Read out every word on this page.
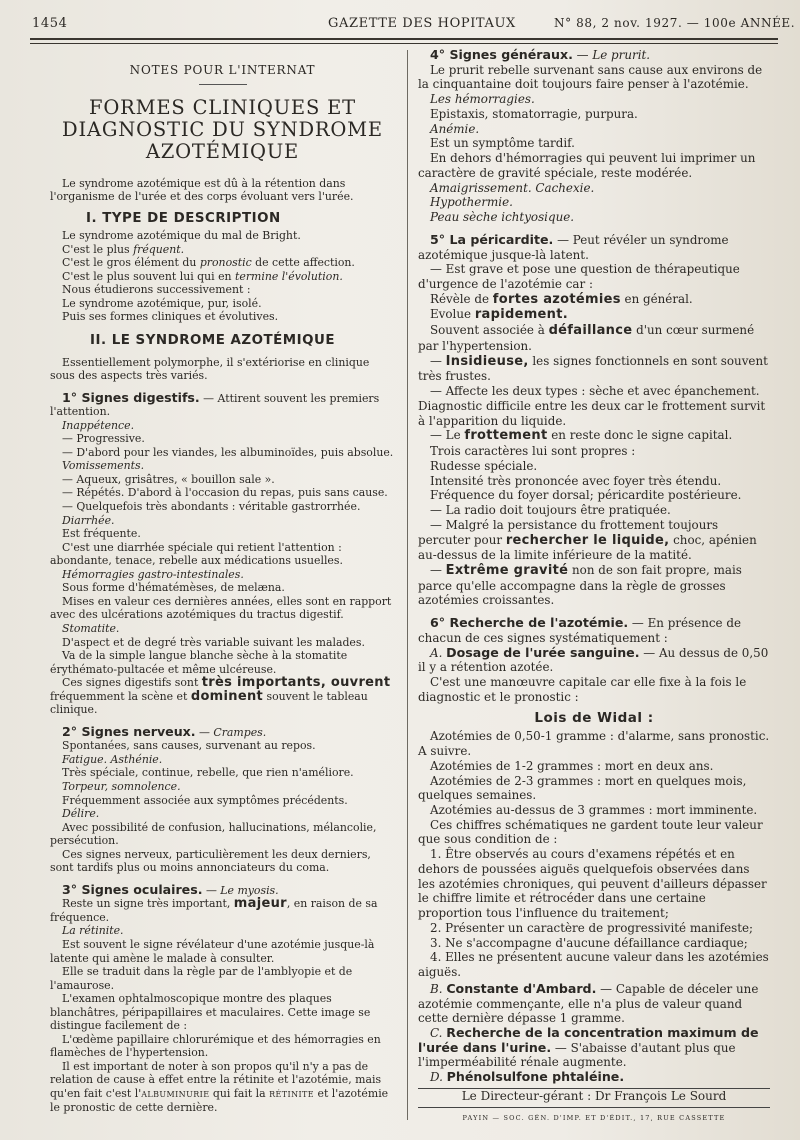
1454	GAZETTE DES HOPITAUX	N° 88, 2 nov. 1927. — 100e ANNÉE.
NOTES POUR L'INTERNAT
FORMES CLINIQUES ET DIAGNOSTIC DU SYNDROME AZOTÉMIQUE

Le syndrome azotémique est dû à la rétention dans l'organisme de l'urée et des corps évoluant vers l'urée.

I. TYPE DE DESCRIPTION

Le syndrome azotémique du mal de Bright.

C'est le plus fréquent.

C'est le gros élément du pronostic de cette affection.

C'est le plus souvent lui qui en termine l'évolution.

Nous étudierons successivement :

Le syndrome azotémique, pur, isolé.

Puis ses formes cliniques et évolutives.

II. LE SYNDROME AZOTÉMIQUE

Essentiellement polymorphe, il s'extériorise en clinique sous des aspects très variés.

1° Signes digestifs. — Attirent souvent les premiers l'attention.

Inappétence.

— Progressive.

— D'abord pour les viandes, les albuminoïdes, puis absolue.

Vomissements.

— Aqueux, grisâtres, « bouillon sale ».

— Répétés. D'abord à l'occasion du repas, puis sans cause.

— Quelquefois très abondants : véritable gastrorrhée.

Diarrhée.

Est fréquente.

C'est une diarrhée spéciale qui retient l'attention : abondante, tenace, rebelle aux médications usuelles.

Hémorragies gastro-intestinales.

Sous forme d'hématémèses, de melæna.

Mises en valeur ces dernières années, elles sont en rapport avec des ulcérations azotémiques du tractus digestif.

Stomatite.

D'aspect et de degré très variable suivant les malades.

Va de la simple langue blanche sèche à la stomatite érythémato-pultacée et même ulcéreuse.

Ces signes digestifs sont très importants, ouvrent fréquemment la scène et dominent souvent le tableau clinique.

2° Signes nerveux. — Crampes.

Spontanées, sans causes, survenant au repos.

Fatigue. Asthénie.

Très spéciale, continue, rebelle, que rien n'améliore.

Torpeur, somnolence.

Fréquemment associée aux symptômes précédents.

Délire.

Avec possibilité de confusion, hallucinations, mélancolie, persécution.

Ces signes nerveux, particulièrement les deux derniers, sont tardifs plus ou moins annonciateurs du coma.

3° Signes oculaires. — Le myosis.

Reste un signe très important, majeur, en raison de sa fréquence.

La rétinite.

Est souvent le signe révélateur d'une azotémie jusque-là latente qui amène le malade à consulter.

Elle se traduit dans la règle par de l'amblyopie et de l'amaurose.

L'examen ophtalmoscopique montre des plaques blanchâtres, péripapillaires et maculaires. Cette image se distingue facilement de :

L'œdème papillaire chlorurémique et des hémorragies en flamèches de l'hypertension.

Il est important de noter à son propos qu'il n'y a pas de relation de cause à effet entre la rétinite et l'azotémie, mais qu'en fait c'est l'albuminurie qui fait la rétinite et l'azotémie le pronostic de cette dernière.

4° Signes généraux. — Le prurit.

Le prurit rebelle survenant sans cause aux environs de la cinquantaine doit toujours faire penser à l'azotémie.

Les hémorragies.

Epistaxis, stomatorragie, purpura.

Anémie.

Est un symptôme tardif.

En dehors d'hémorragies qui peuvent lui imprimer un caractère de gravité spéciale, reste modérée.

Amaigrissement. Cachexie.

Hypothermie.

Peau sèche ichtyosique.

5° La péricardite. — Peut révéler un syndrome azotémique jusque-là latent.

— Est grave et pose une question de thérapeutique d'urgence de l'azotémie car :

Révèle de fortes azotémies en général.

Evolue rapidement.

Souvent associée à défaillance d'un cœur surmené par l'hypertension.

— Insidieuse, les signes fonctionnels en sont souvent très frustes.

— Affecte les deux types : sèche et avec épanchement. Diagnostic difficile entre les deux car le frottement survit à l'apparition du liquide.

— Le frottement en reste donc le signe capital.

Trois caractères lui sont propres :

Rudesse spéciale.

Intensité très prononcée avec foyer très étendu.

Fréquence du foyer dorsal; péricardite postérieure.

— La radio doit toujours être pratiquée.

— Malgré la persistance du frottement toujours percuter pour rechercher le liquide, choc, apénien au-dessus de la limite inférieure de la matité.

— Extrême gravité non de son fait propre, mais parce qu'elle accompagne dans la règle de grosses azotémies croissantes.

6° Recherche de l'azotémie. — En présence de chacun de ces signes systématiquement :

A. Dosage de l'urée sanguine. — Au dessus de 0,50 il y a rétention azotée.

C'est une manœuvre capitale car elle fixe à la fois le diagnostic et le pronostic :

Lois de Widal :

Azotémies de 0,50-1 gramme : d'alarme, sans pronostic. A suivre.

Azotémies de 1-2 grammes : mort en deux ans.

Azotémies de 2-3 grammes : mort en quelques mois, quelques semaines.

Azotémies au-dessus de 3 grammes : mort imminente.

Ces chiffres schématiques ne gardent toute leur valeur que sous condition de :

1. Être observés au cours d'examens répétés et en dehors de poussées aiguës quelquefois observées dans les azotémies chroniques, qui peuvent d'ailleurs dépasser le chiffre limite et rétrocéder dans une certaine proportion tous l'influence du traitement;

2. Présenter un caractère de progressivité manifeste;

3. Ne s'accompagne d'aucune défaillance cardiaque;

4. Elles ne présentent aucune valeur dans les azotémies aiguës.

B. Constante d'Ambard. — Capable de déceler une azotémie commençante, elle n'a plus de valeur quand cette dernière dépasse 1 gramme.

C. Recherche de la concentration maximum de l'urée dans l'urine. — S'abaisse d'autant plus que l'imperméabilité rénale augmente.

D. Phénolsulfone phtaléine.

Le Directeur-gérant : Dr François Le Sourd

PAYIN — SOC. GÉN. D'IMP. ET D'ÉDIT., 17, RUE CASSETTE
